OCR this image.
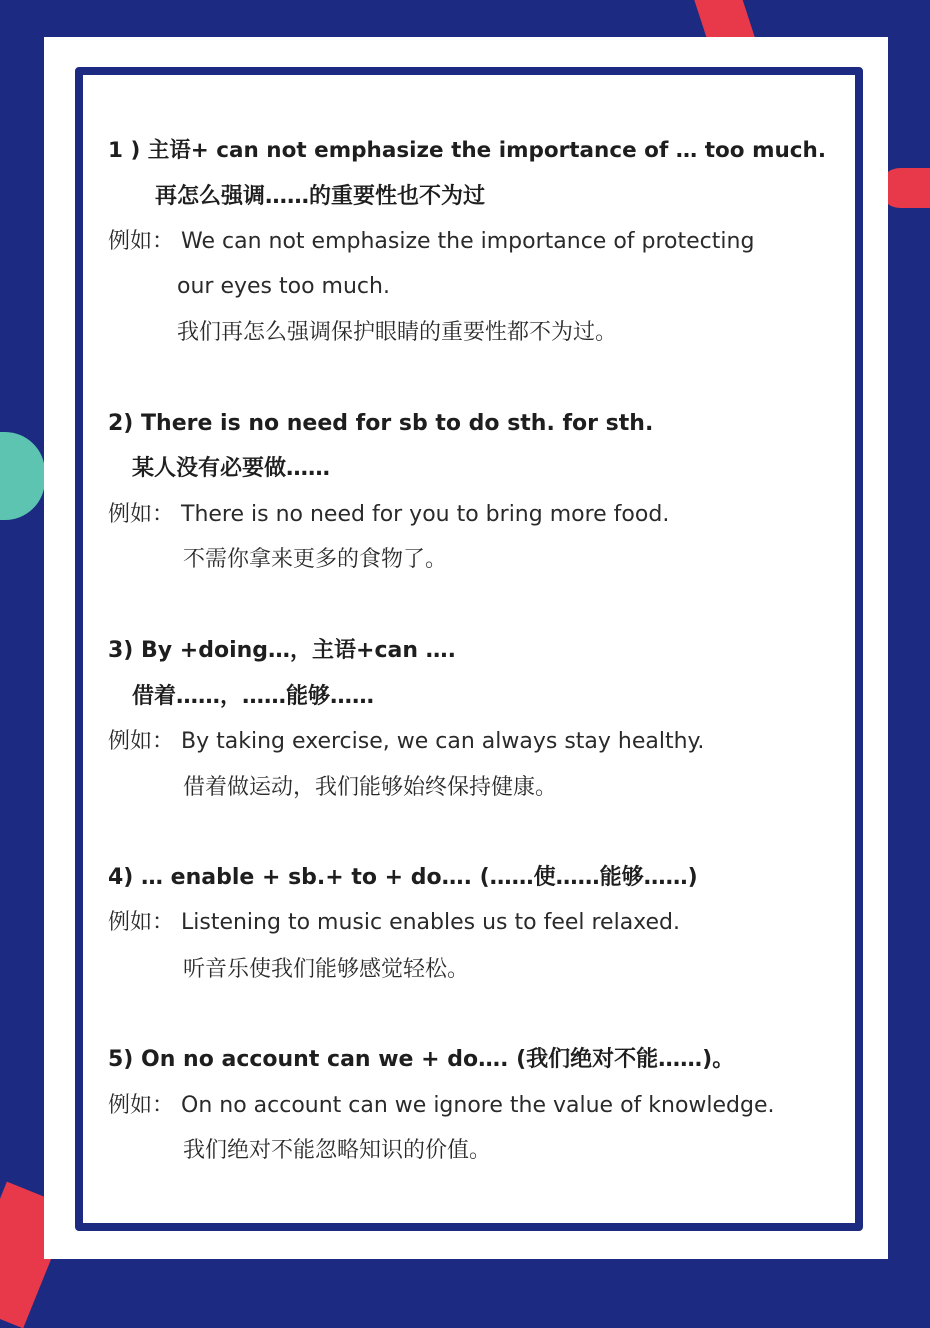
1 ) 主语+ can not emphasize the importance of … too much.
再怎么强调……的重要性也不为过
例如： We can not emphasize the importance of protecting
our eyes too much.
我们再怎么强调保护眼睛的重要性都不为过。
2) There is no need for sb to do sth. for sth.
某人没有必要做……
例如： There is no need for you to bring more food.
不需你拿来更多的食物了。
3) By +doing…，主语+can ….
借着……，……能够……
例如： By taking exercise, we can always stay healthy.
借着做运动，我们能够始终保持健康。
4) … enable + sb.+ to + do…. (……使……能够……)
例如： Listening to music enables us to feel relaxed.
听音乐使我们能够感觉轻松。
5) On no account can we + do…. (我们绝对不能……)。
例如： On no account can we ignore the value of knowledge.
我们绝对不能忽略知识的价值。
